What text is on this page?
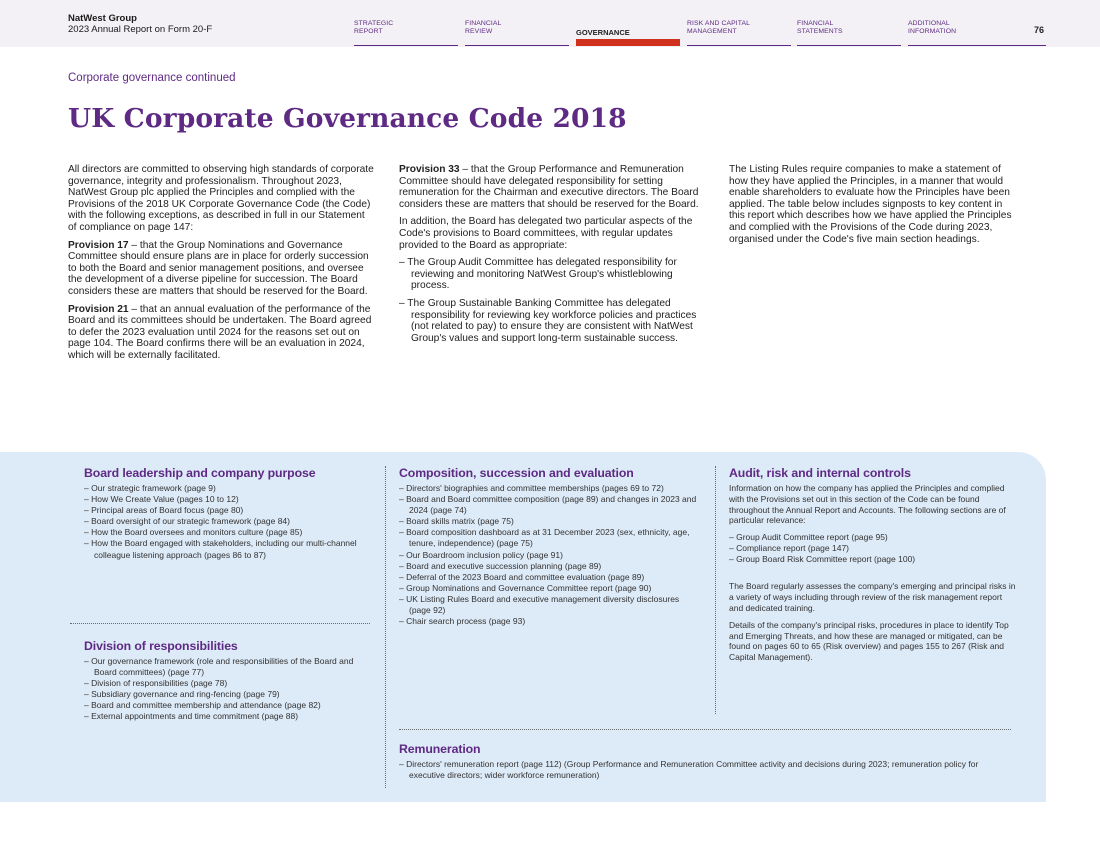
NatWest Group
2023 Annual Report on Form 20-F
STRATEGIC
REPORT
FINANCIAL
REVIEW	GOVERNANCE
RISK AND CAPITAL
MANAGEMENT
FINANCIAL
STATEMENTS
ADDITIONAL
INFORMATION	76
Corporate governance continued
UK Corporate Governance Code 2018

All directors are committed to observing high standards of corporate governance, integrity and professionalism. Throughout 2023, NatWest Group plc applied the Principles and complied with the Provisions of the 2018 UK Corporate Governance Code (the Code) with the following exceptions, as described in full in our Statement of compliance on page 147:

Provision 17 – that the Group Nominations and Governance Committee should ensure plans are in place for orderly succession to both the Board and senior management positions, and oversee the development of a diverse pipeline for succession. The Board considers these are matters that should be reserved for the Board.

Provision 21 – that an annual evaluation of the performance of the Board and its committees should be undertaken. The Board agreed to defer the 2023 evaluation until 2024 for the reasons set out on page 104. The Board confirms there will be an evaluation in 2024, which will be externally facilitated.

Provision 33 – that the Group Performance and Remuneration Committee should have delegated responsibility for setting remuneration for the Chairman and executive directors. The Board considers these are matters that should be reserved for the Board.

In addition, the Board has delegated two particular aspects of the Code's provisions to Board committees, with regular updates provided to the Board as appropriate:

– The Group Audit Committee has delegated responsibility for reviewing and monitoring NatWest Group's whistleblowing process.

– The Group Sustainable Banking Committee has delegated responsibility for reviewing key workforce policies and practices (not related to pay) to ensure they are consistent with NatWest Group's values and support long-term sustainable success.

The Listing Rules require companies to make a statement of how they have applied the Principles, in a manner that would enable shareholders to evaluate how the Principles have been applied. The table below includes signposts to key content in this report which describes how we have applied the Principles and complied with the Provisions of the Code during 2023, organised under the Code's five main section headings.

Board leadership and company purpose
– Our strategic framework (page 9)
– How We Create Value (pages 10 to 12)
– Principal areas of Board focus (page 80)
– Board oversight of our strategic framework (page 84)
– How the Board oversees and monitors culture (page 85)
– How the Board engaged with stakeholders, including our multi-channel colleague listening approach (pages 86 to 87)
Division of responsibilities
– Our governance framework (role and responsibilities of the Board and Board committees) (page 77)
– Division of responsibilities (page 78)
– Subsidiary governance and ring-fencing (page 79)
– Board and committee membership and attendance (page 82)
– External appointments and time commitment (page 88)
Composition, succession and evaluation
– Directors' biographies and committee memberships (pages 69 to 72)
– Board and Board committee composition (page 89) and changes in 2023 and 2024 (page 74)
– Board skills matrix (page 75)
– Board composition dashboard as at 31 December 2023 (sex, ethnicity, age, tenure, independence) (page 75)
– Our Boardroom inclusion policy (page 91)
– Board and executive succession planning (page 89)
– Deferral of the 2023 Board and committee evaluation (page 89)
– Group Nominations and Governance Committee report (page 90)
– UK Listing Rules Board and executive management diversity disclosures (page 92)
– Chair search process (page 93)
Audit, risk and internal controls

Information on how the company has applied the Principles and complied with the Provisions set out in this section of the Code can be found throughout the Annual Report and Accounts. The following sections are of particular relevance:

– Group Audit Committee report (page 95)
– Compliance report (page 147)
– Group Board Risk Committee report (page 100)

The Board regularly assesses the company's emerging and principal risks in a variety of ways including through review of the risk management report and dedicated training.

Details of the company's principal risks, procedures in place to identify Top and Emerging Threats, and how these are managed or mitigated, can be found on pages 60 to 65 (Risk overview) and pages 155 to 267 (Risk and Capital Management).

Remuneration
– Directors' remuneration report (page 112) (Group Performance and Remuneration Committee activity and decisions during 2023; remuneration policy for executive directors; wider workforce remuneration)
